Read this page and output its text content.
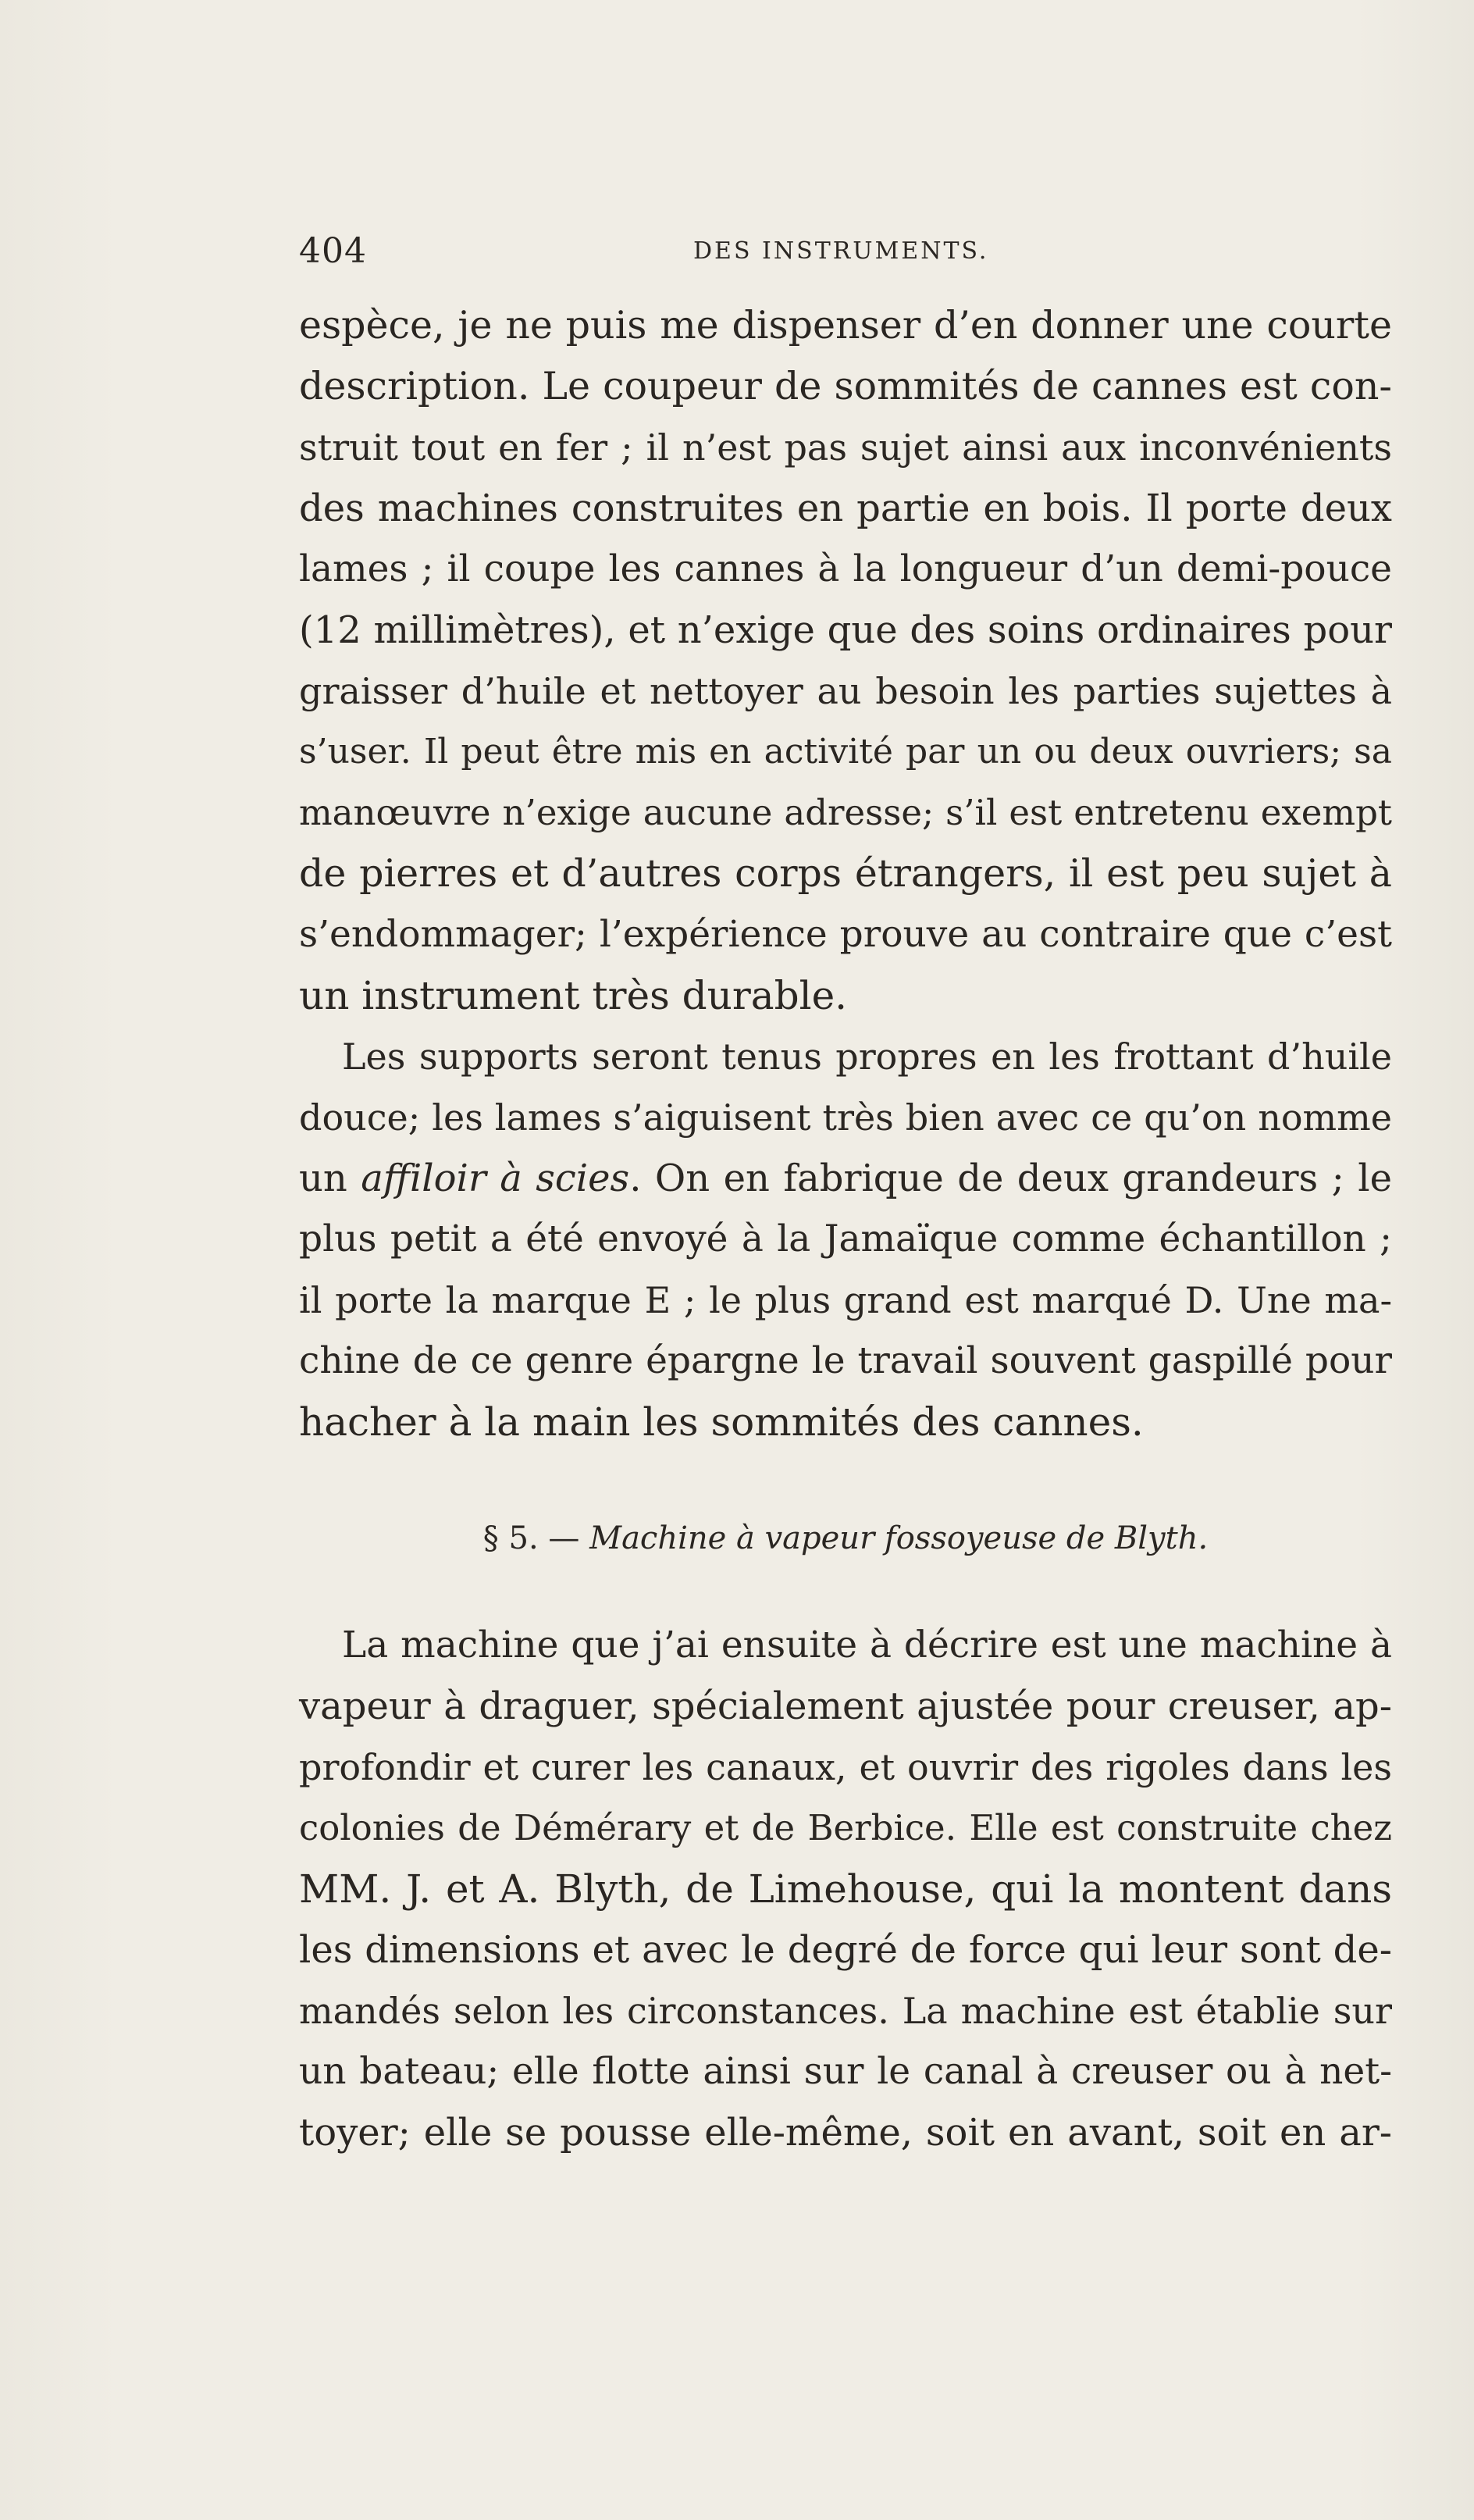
404	DES INSTRUMENTS.
espèce, je ne puis me dispenser d’en donner une courte
description. Le coupeur de sommités de cannes est con-
struit tout en fer ; il n’est pas sujet ainsi aux inconvénients
des machines construites en partie en bois. Il porte deux
lames ; il coupe les cannes à la longueur d’un demi-pouce
(12 millimètres), et n’exige que des soins ordinaires pour
graisser d’huile et nettoyer au besoin les parties sujettes à
s’user. Il peut être mis en activité par un ou deux ouvriers; sa
manœuvre n’exige aucune adresse; s’il est entretenu exempt
de pierres et d’autres corps étrangers, il est peu sujet à
s’endommager; l’expérience prouve au contraire que c’est
un instrument très durable.
Les supports seront tenus propres en les frottant d’huile
douce; les lames s’aiguisent très bien avec ce qu’on nomme
un affiloir à scies. On en fabrique de deux grandeurs ; le
plus petit a été envoyé à la Jamaïque comme échantillon ;
il porte la marque E ; le plus grand est marqué D. Une ma-
chine de ce genre épargne le travail souvent gaspillé pour
hacher à la main les sommités des cannes.
§ 5. — Machine à vapeur fossoyeuse de Blyth.
La machine que j’ai ensuite à décrire est une machine à
vapeur à draguer, spécialement ajustée pour creuser, ap-
profondir et curer les canaux, et ouvrir des rigoles dans les
colonies de Démérary et de Berbice. Elle est construite chez
MM. J. et A. Blyth, de Limehouse, qui la montent dans
les dimensions et avec le degré de force qui leur sont de-
mandés selon les circonstances. La machine est établie sur
un bateau; elle flotte ainsi sur le canal à creuser ou à net-
toyer; elle se pousse elle-même, soit en avant, soit en ar-
